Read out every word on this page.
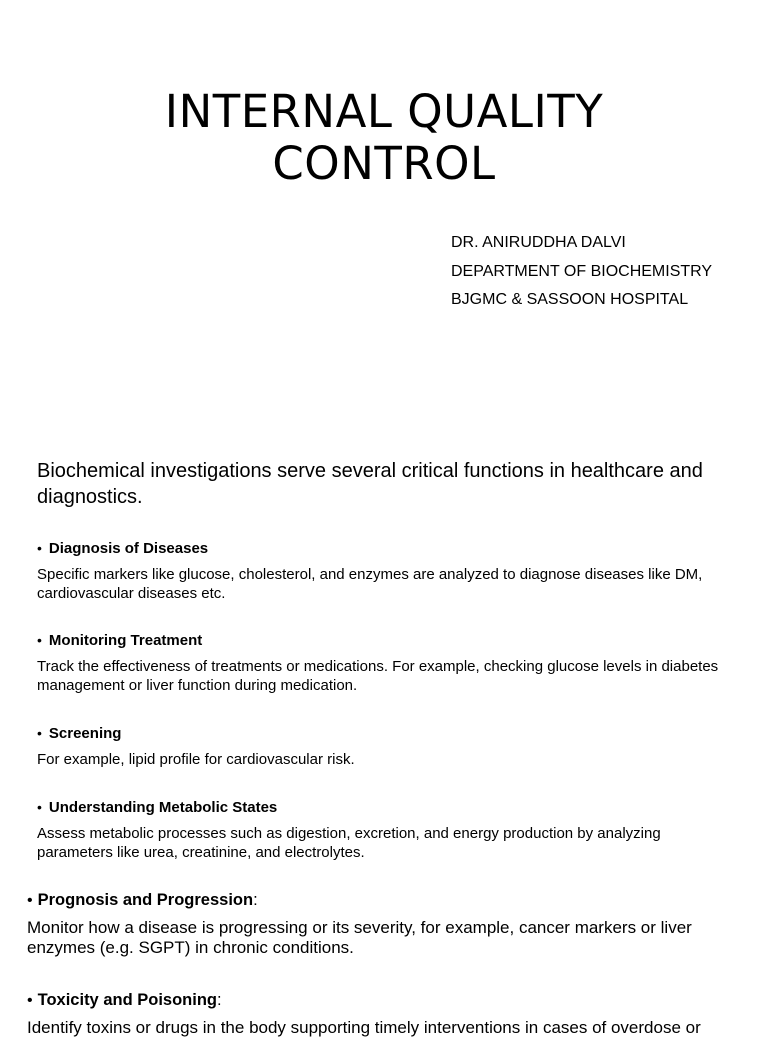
INTERNAL QUALITY
CONTROL
DR. ANIRUDDHA DALVI
DEPARTMENT OF BIOCHEMISTRY
BJGMC & SASSOON HOSPITAL
Biochemical investigations serve several critical functions in healthcare and diagnostics.
• Diagnosis of Diseases
Specific markers like glucose, cholesterol, and enzymes are analyzed to diagnose diseases like DM, cardiovascular diseases etc.
• Monitoring Treatment
Track the effectiveness of treatments or medications. For example, checking glucose levels in diabetes management or liver function during medication.
• Screening
For example, lipid profile for cardiovascular risk.
• Understanding Metabolic States
Assess metabolic processes such as digestion, excretion, and energy production by analyzing parameters like urea, creatinine, and electrolytes.
• Prognosis and Progression :
Monitor how a disease is progressing or its severity, for example, cancer markers or liver enzymes (e.g. SGPT) in chronic conditions.
• Toxicity and Poisoning :
Identify toxins or drugs in the body supporting timely interventions in cases of overdose or
